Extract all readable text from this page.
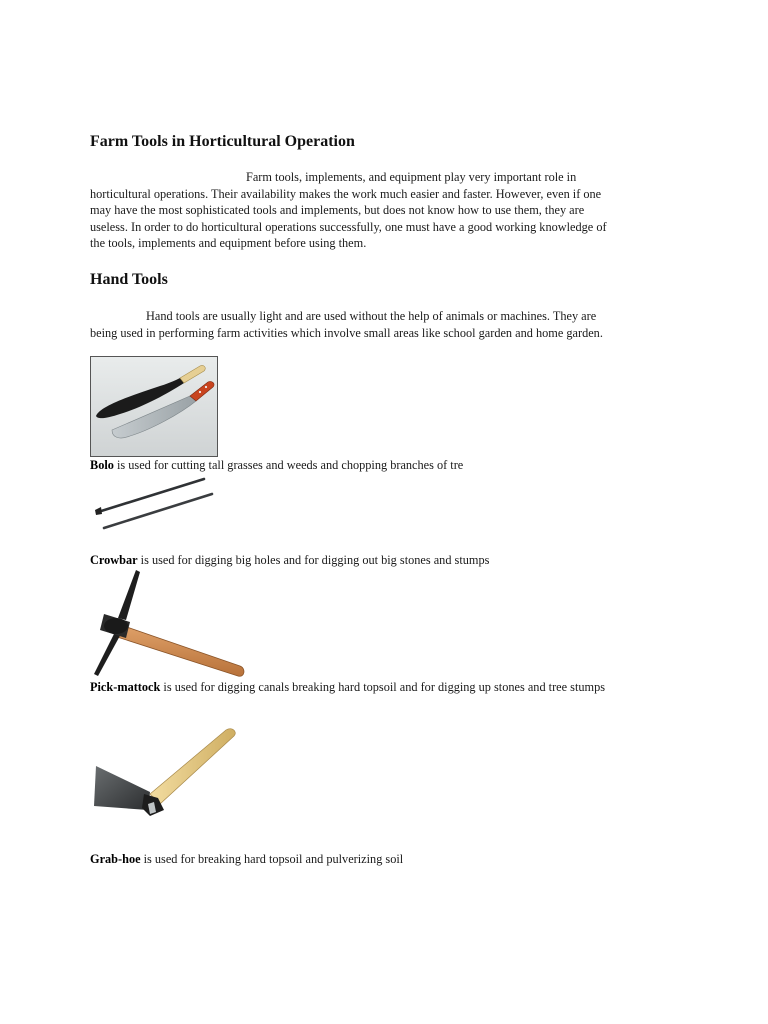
Farm Tools in Horticultural Operation
Farm tools, implements, and equipment play very important role in
horticultural operations. Their availability makes the work much easier and faster. However, even if one
may have the most sophisticated tools and implements, but does not know how to use them, they are
useless. In order to do horticultural operations successfully, one must have a good working knowledge of
the tools, implements and equipment before using them.
Hand Tools
Hand tools are usually light and are used without the help of animals or machines. They are
being used in performing farm activities which involve small areas like school garden and home garden.
Bolo is used for cutting tall grasses and weeds and chopping branches of tre
Crowbar is used for digging big holes and for digging out big stones and stumps
Pick-mattock is used for digging canals breaking hard topsoil and for digging up stones and tree stumps
Grab-hoe is used for breaking hard topsoil and pulverizing soil
